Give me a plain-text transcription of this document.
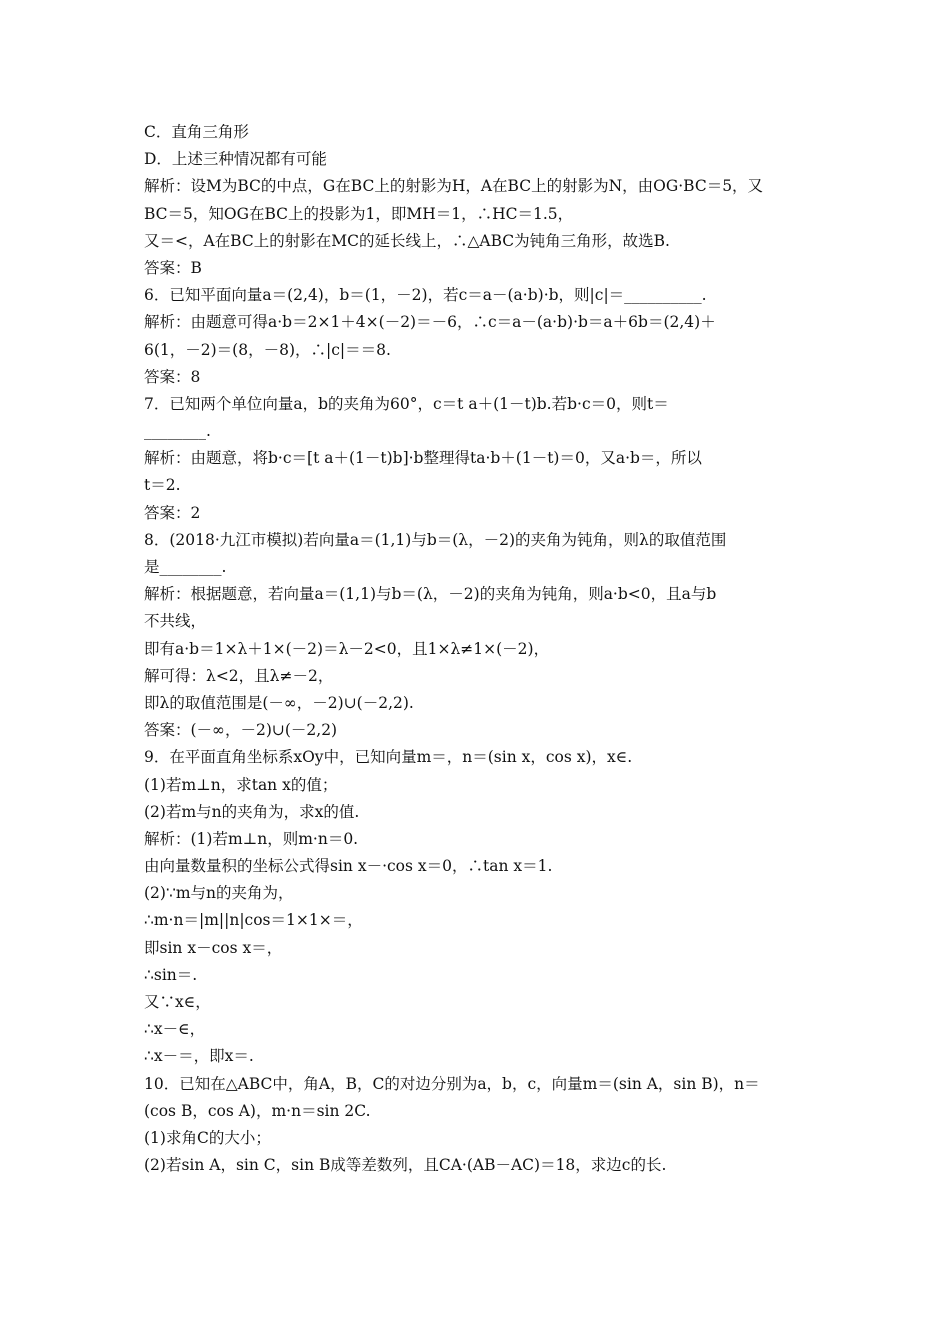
C．直角三角形
D．上述三种情况都有可能
解析：设M为BC的中点，G在BC上的射影为H，A在BC上的射影为N，由OG·BC＝5，又
BC＝5，知OG在BC上的投影为1，即MH＝1，∴HC＝1.5，
又＝<，A在BC上的射影在MC的延长线上，∴△ABC为钝角三角形，故选B.
答案：B
6．已知平面向量a＝(2,4)，b＝(1，－2)，若c＝a－(a·b)·b，则|c|＝__________.
解析：由题意可得a·b＝2×1＋4×(－2)＝－6，∴c＝a－(a·b)·b＝a＋6b＝(2,4)＋
6(1，－2)＝(8，－8)，∴|c|＝＝8.
答案：8
7．已知两个单位向量a，b的夹角为60°，c＝t a＋(1－t)b.若b·c＝0，则t＝
________.
解析：由题意，将b·c＝[t a＋(1－t)b]·b整理得ta·b＋(1－t)＝0，又a·b＝，所以
t＝2.
答案：2
8．(2018·九江市模拟)若向量a＝(1,1)与b＝(λ，－2)的夹角为钝角，则λ的取值范围
是________.
解析：根据题意，若向量a＝(1,1)与b＝(λ，－2)的夹角为钝角，则a·b<0，且a与b
不共线，
即有a·b＝1×λ＋1×(－2)＝λ－2<0，且1×λ≠1×(－2)，
解可得：λ<2，且λ≠－2，
即λ的取值范围是(－∞，－2)∪(－2,2).
答案：(－∞，－2)∪(－2,2)
9．在平面直角坐标系xOy中，已知向量m＝，n＝(sin x，cos x)，x∈.
(1)若m⊥n，求tan x的值；
(2)若m与n的夹角为，求x的值.
解析：(1)若m⊥n，则m·n＝0.
由向量数量积的坐标公式得sin x－·cos x＝0，∴tan x＝1.
(2)∵m与n的夹角为，
∴m·n＝|m||n|cos＝1×1×＝，
即sin x－cos x＝，
∴sin＝.
又∵x∈，
∴x－∈，
∴x－＝，即x＝.
10．已知在△ABC中，角A，B，C的对边分别为a，b，c，向量m＝(sin A，sin B)，n＝
(cos B，cos A)，m·n＝sin 2C.
(1)求角C的大小；
(2)若sin A，sin C，sin B成等差数列，且CA·(AB－AC)＝18，求边c的长.
